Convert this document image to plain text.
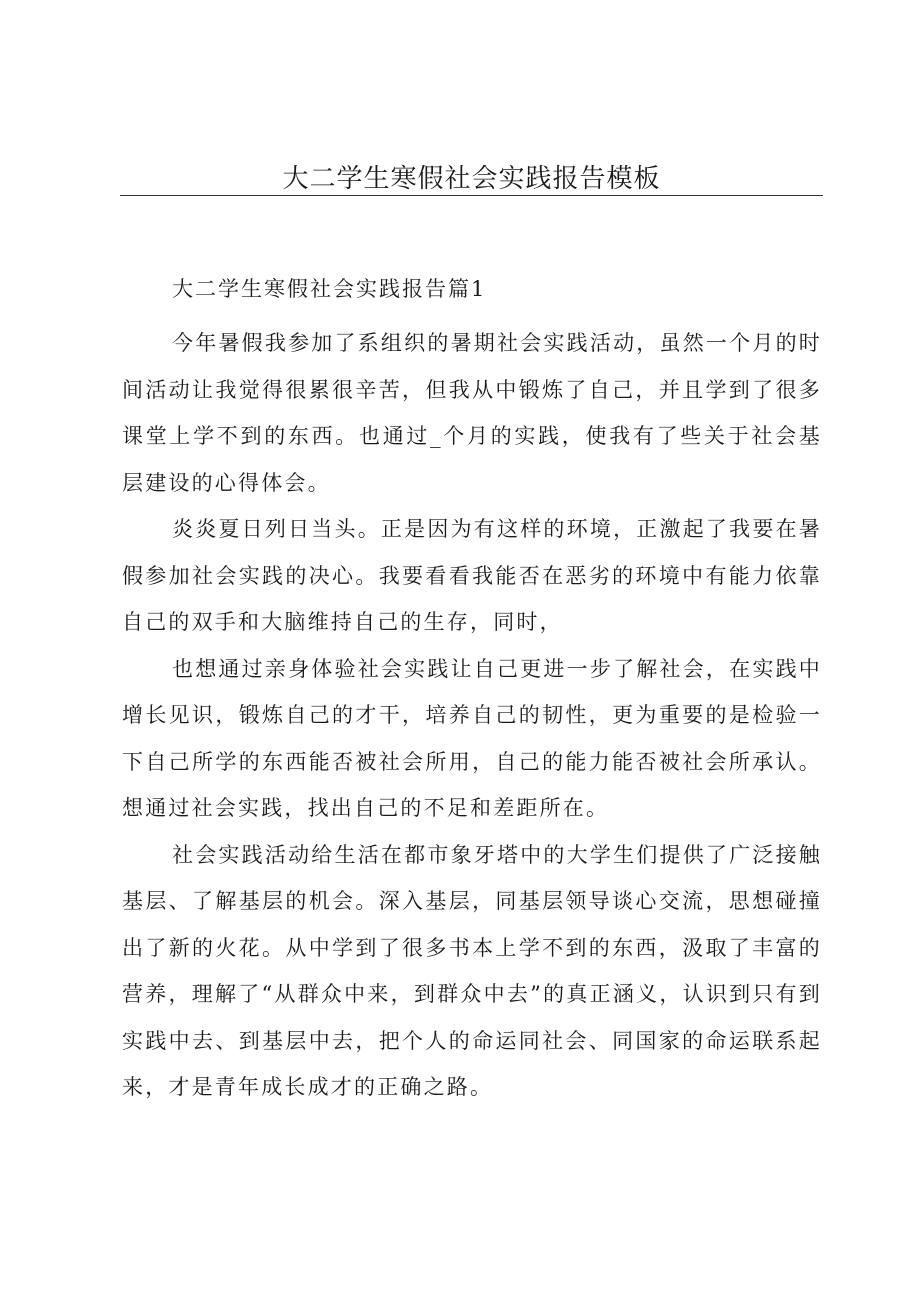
大二学生寒假社会实践报告模板
大二学生寒假社会实践报告篇1

今年暑假我参加了系组织的暑期社会实践活动，虽然一个月的时间活动让我觉得很累很辛苦，但我从中锻炼了自己，并且学到了很多课堂上学不到的东西。也通过_个月的实践，使我有了些关于社会基层建设的心得体会。

炎炎夏日列日当头。正是因为有这样的环境，正激起了我要在暑假参加社会实践的决心。我要看看我能否在恶劣的环境中有能力依靠自己的双手和大脑维持自己的生存，同时，

也想通过亲身体验社会实践让自己更进一步了解社会，在实践中增长见识，锻炼自己的才干，培养自己的韧性，更为重要的是检验一下自己所学的东西能否被社会所用，自己的能力能否被社会所承认。想通过社会实践，找出自己的不足和差距所在。

社会实践活动给生活在都市象牙塔中的大学生们提供了广泛接触基层、了解基层的机会。深入基层，同基层领导谈心交流，思想碰撞出了新的火花。从中学到了很多书本上学不到的东西，汲取了丰富的营养，理解了“从群众中来，到群众中去”的真正涵义，认识到只有到实践中去、到基层中去，把个人的命运同社会、同国家的命运联系起来，才是青年成长成才的正确之路。
